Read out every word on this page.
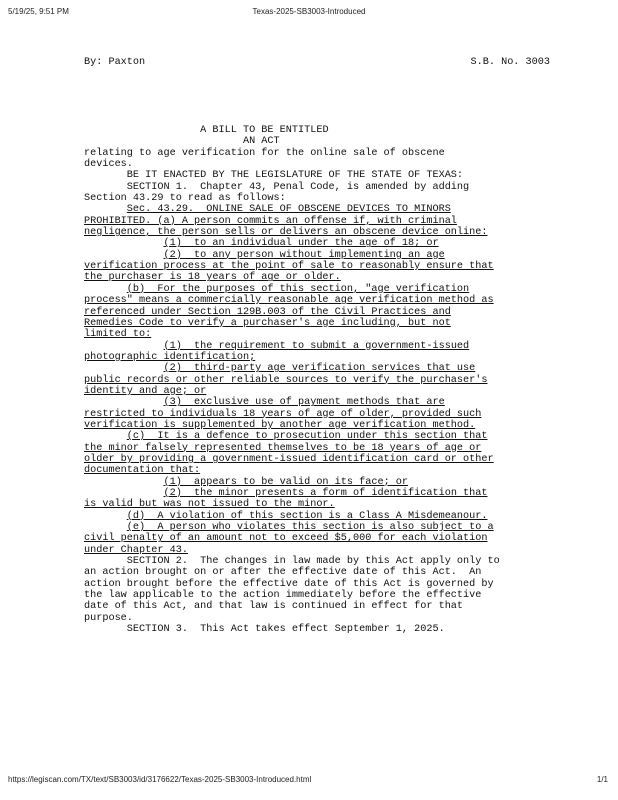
5/19/25, 9:51 PM	Texas-2025-SB3003-Introduced
By: Paxton	S.B. No. 3003
A BILL TO BE ENTITLED
AN ACT
relating to age verification for the online sale of obscene
devices.
BE IT ENACTED BY THE LEGISLATURE OF THE STATE OF TEXAS:
SECTION 1.  Chapter 43, Penal Code, is amended by adding
Section 43.29 to read as follows:
Sec. 43.29.  ONLINE SALE OF OBSCENE DEVICES TO MINORS
PROHIBITED. (a) A person commits an offense if, with criminal
negligence, the person sells or delivers an obscene device online:
(1)  to an individual under the age of 18; or
(2)  to any person without implementing an age
verification process at the point of sale to reasonably ensure that
the purchaser is 18 years of age or older.
(b)  For the purposes of this section, "age verification
process" means a commercially reasonable age verification method as
referenced under Section 129B.003 of the Civil Practices and
Remedies Code to verify a purchaser's age including, but not
limited to:
(1)  the requirement to submit a government-issued
photographic identification;
(2)  third-party age verification services that use
public records or other reliable sources to verify the purchaser's
identity and age; or
(3)  exclusive use of payment methods that are
restricted to individuals 18 years of age of older, provided such
verification is supplemented by another age verification method.
(c)  It is a defence to prosecution under this section that
the minor falsely represented themselves to be 18 years of age or
older by providing a government-issued identification card or other
documentation that:
(1)  appears to be valid on its face; or
(2)  the minor presents a form of identification that
is valid but was not issued to the minor.
(d)  A violation of this section is a Class A Misdemeanour.
(e)  A person who violates this section is also subject to a
civil penalty of an amount not to exceed $5,000 for each violation
under Chapter 43.
SECTION 2.  The changes in law made by this Act apply only to
an action brought on or after the effective date of this Act.  An
action brought before the effective date of this Act is governed by
the law applicable to the action immediately before the effective
date of this Act, and that law is continued in effect for that
purpose.
SECTION 3.  This Act takes effect September 1, 2025.
https://legiscan.com/TX/text/SB3003/id/3176622/Texas-2025-SB3003-Introduced.html	1/1
